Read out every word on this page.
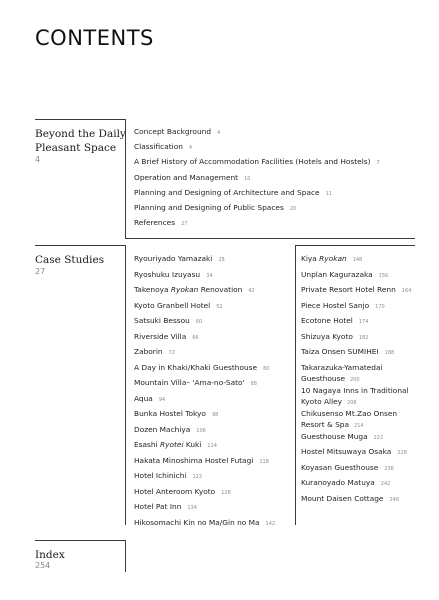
CONTENTS
Beyond the Daily
Pleasant Space
4
Case Studies
27
Index
254
Concept Background 4
Classification 4
A Brief History of Accommodation Facilities (Hotels and Hostels) 7
Operation and Management 10
Planning and Designing of Architecture and Space 11
Planning and Designing of Public Spaces 20
References 27
Ryouriyado Yamazaki 28
Ryoshuku Izuyasu 34
Takenoya Ryokan Renovation 42
Kyoto Granbell Hotel 52
Satsuki Bessou 60
Riverside Villa 66
Zaborin 72
A Day in Khaki/Khaki Guesthouse 80
Mountain Villa– 'Ama-no-Sato' 88
Aqua 94
Bunka Hostel Tokyo 98
Dozen Machiya 106
Esashi Ryotei Kuki 114
Hakata Minoshima Hostel Futagi 118
Hotel Ichinichi 122
Hotel Anteroom Kyoto 128
Hotel Pat Inn 134
Hikosomachi Kin no Ma/Gin no Ma 142
Kiya Ryokan 148
Unplan Kagurazaka 156
Private Resort Hotel Renn 164
Piece Hostel Sanjo 170
Ecotone Hotel 174
Shizuya Kyoto 182
Taiza Onsen SUMIHEI 188
Takarazuka-Yamatedai Guesthouse 200
10 Nagaya Inns in Traditional Kyoto Alley 206
Chikusenso Mt.Zao Onsen Resort & Spa 214
Guesthouse Muga 222
Hostel Mitsuwaya Osaka 228
Koyasan Guesthouse 236
Kuranoyado Matuya 242
Mount Daisen Cottage 246
